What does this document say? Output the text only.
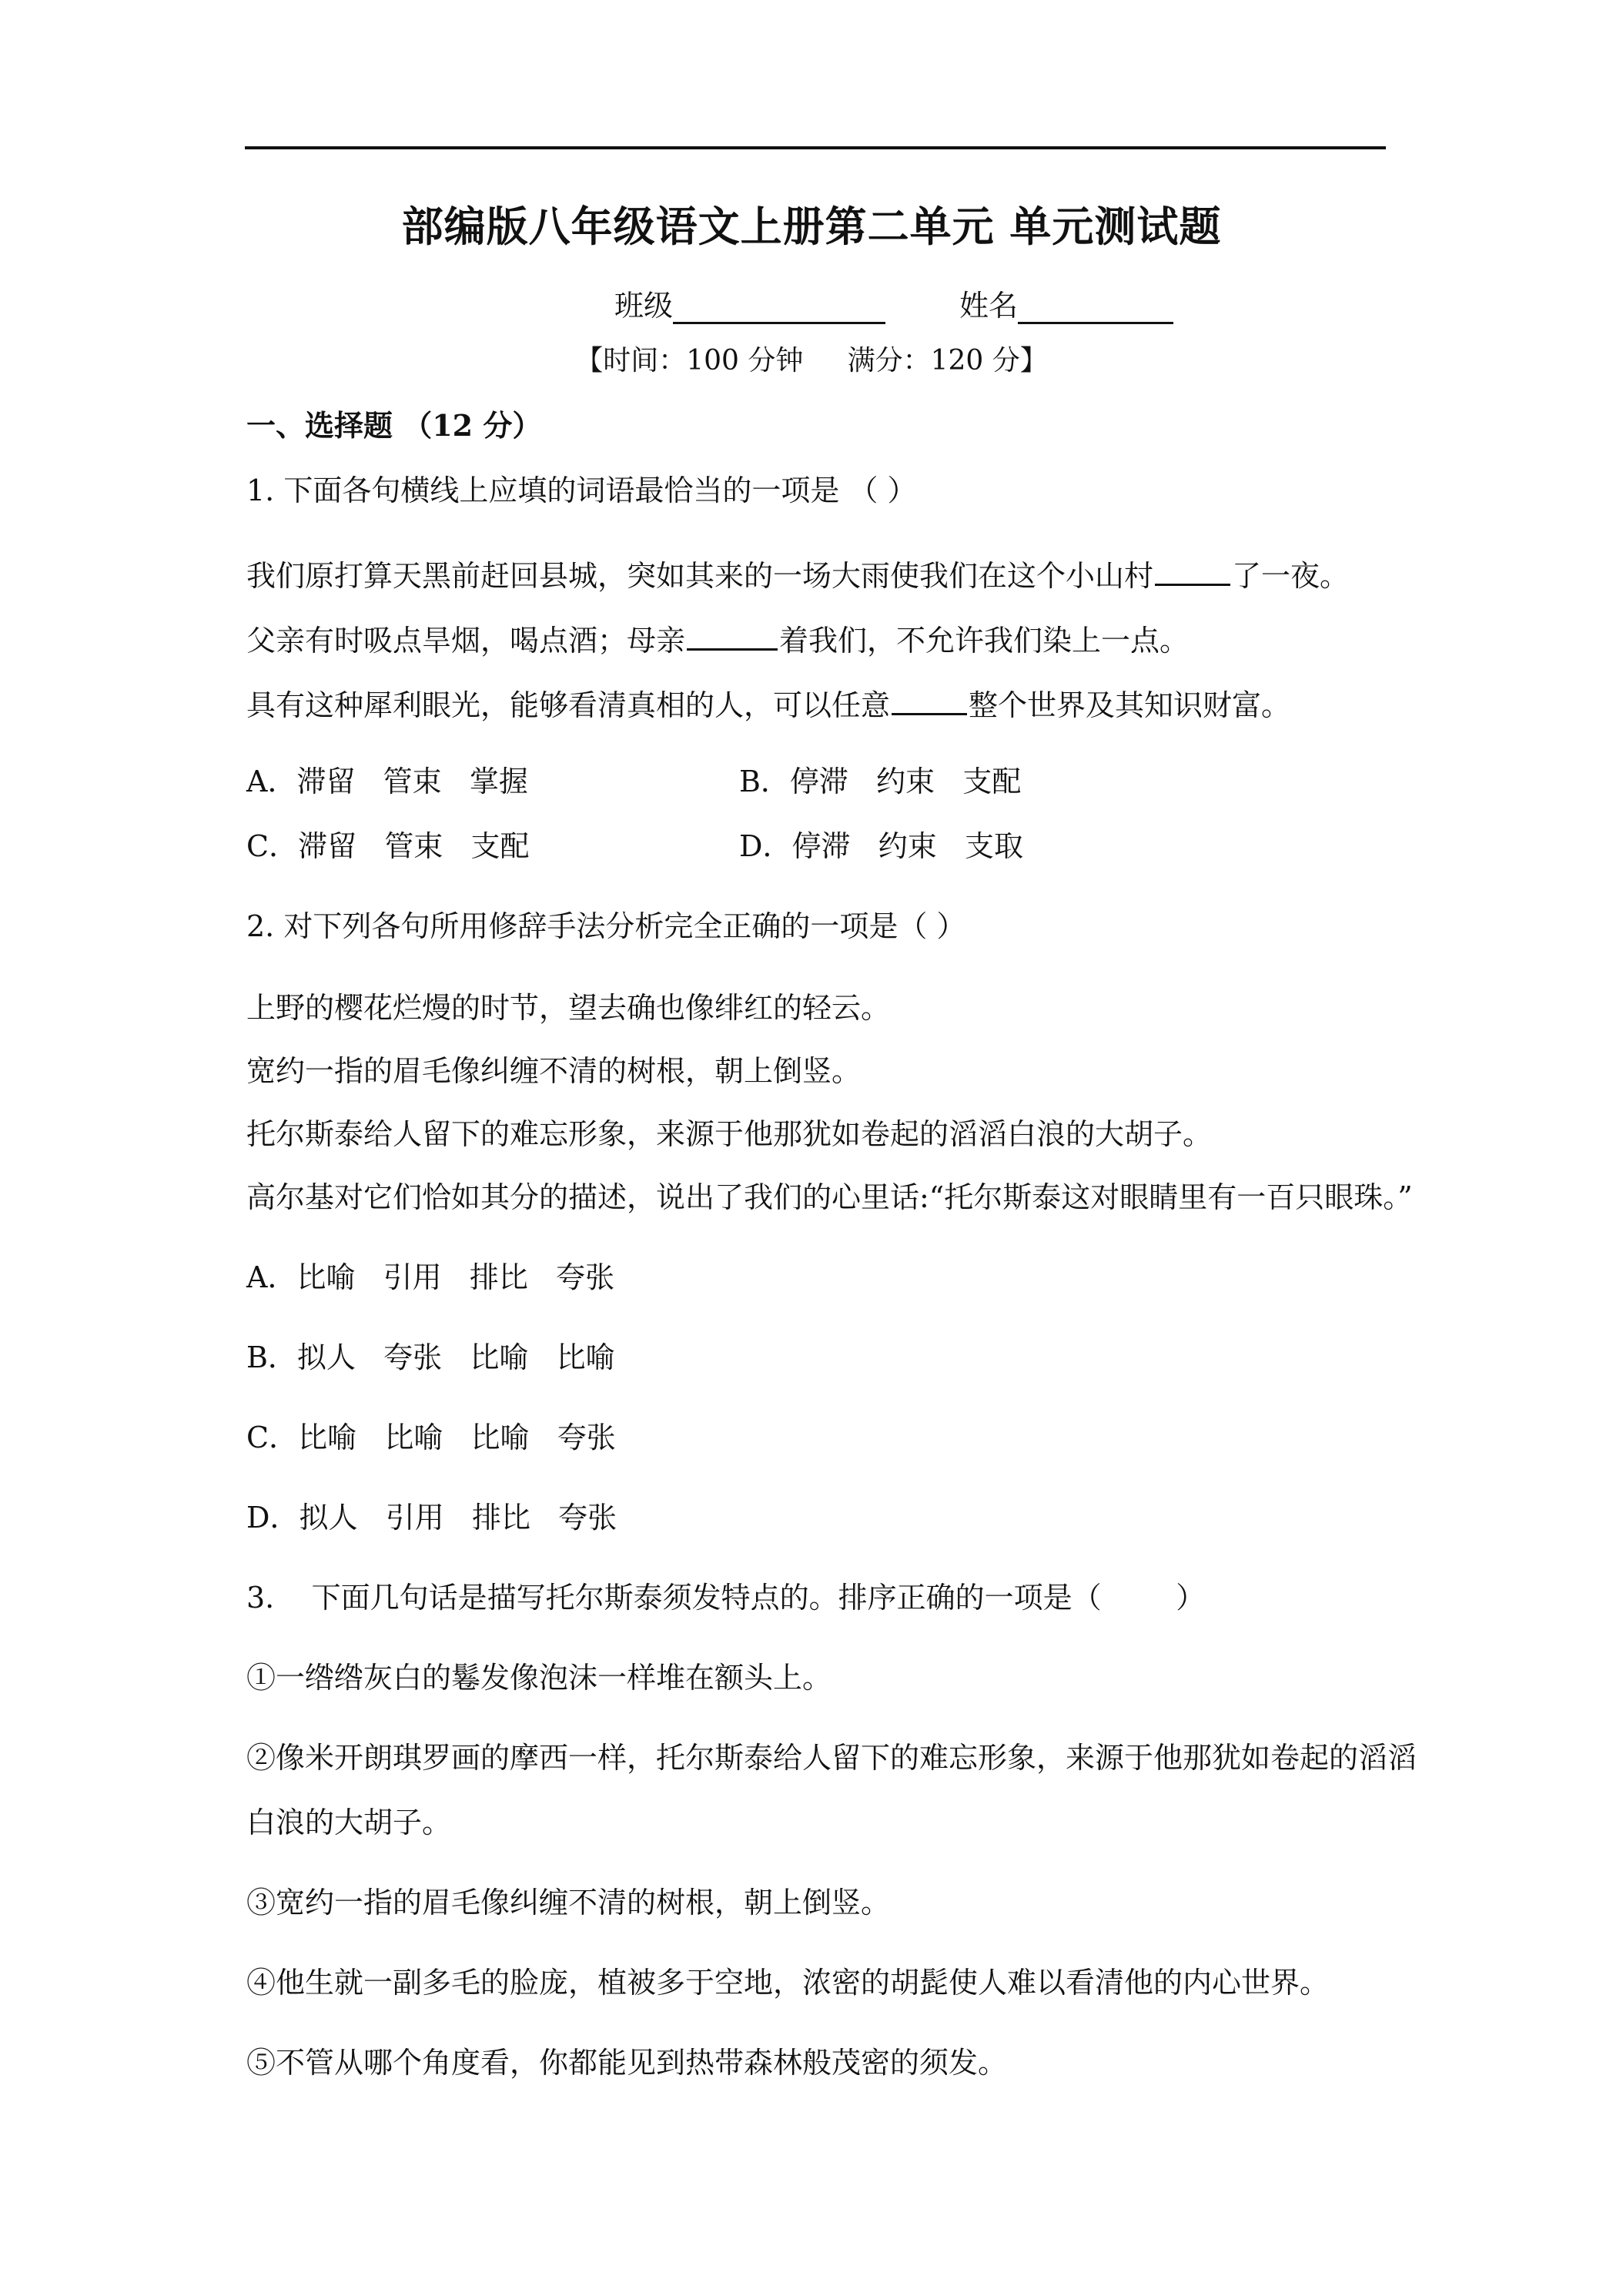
部编版八年级语文上册第二单元 单元测试题
班级	姓名
【时间：100 分钟     满分：120 分】
一、选择题 （12 分）
1. 下面各句横线上应填的词语最恰当的一项是 （ ）
我们原打算天黑前赶回县城，突如其来的一场大雨使我们在这个小山村	了一夜。
父亲有时吸点旱烟，喝点酒；母亲	着我们，不允许我们染上一点。
具有这种犀利眼光，能够看清真相的人，可以任意	整个世界及其知识财富。
A．滞留   管束   掌握	B．停滞   约束   支配
C．滞留   管束   支配	D．停滞   约束   支取
2. 对下列各句所用修辞手法分析完全正确的一项是（ ）
上野的樱花烂熳的时节，望去确也像绯红的轻云。
宽约一指的眉毛像纠缠不清的树根，朝上倒竖。
托尔斯泰给人留下的难忘形象，来源于他那犹如卷起的滔滔白浪的大胡子。
高尔基对它们恰如其分的描述，说出了我们的心里话:“托尔斯泰这对眼睛里有一百只眼珠。”
A．比喻   引用   排比   夸张
B．拟人   夸张   比喻   比喻
C．比喻   比喻   比喻   夸张
D．拟人   引用   排比   夸张
3.    下面几句话是描写托尔斯泰须发特点的。排序正确的一项是（        ）
①一绺绺灰白的鬈发像泡沫一样堆在额头上。
②像米开朗琪罗画的摩西一样，托尔斯泰给人留下的难忘形象，来源于他那犹如卷起的滔滔
白浪的大胡子。
③宽约一指的眉毛像纠缠不清的树根，朝上倒竖。
④他生就一副多毛的脸庞，植被多于空地，浓密的胡髭使人难以看清他的内心世界。
⑤不管从哪个角度看，你都能见到热带森林般茂密的须发。
